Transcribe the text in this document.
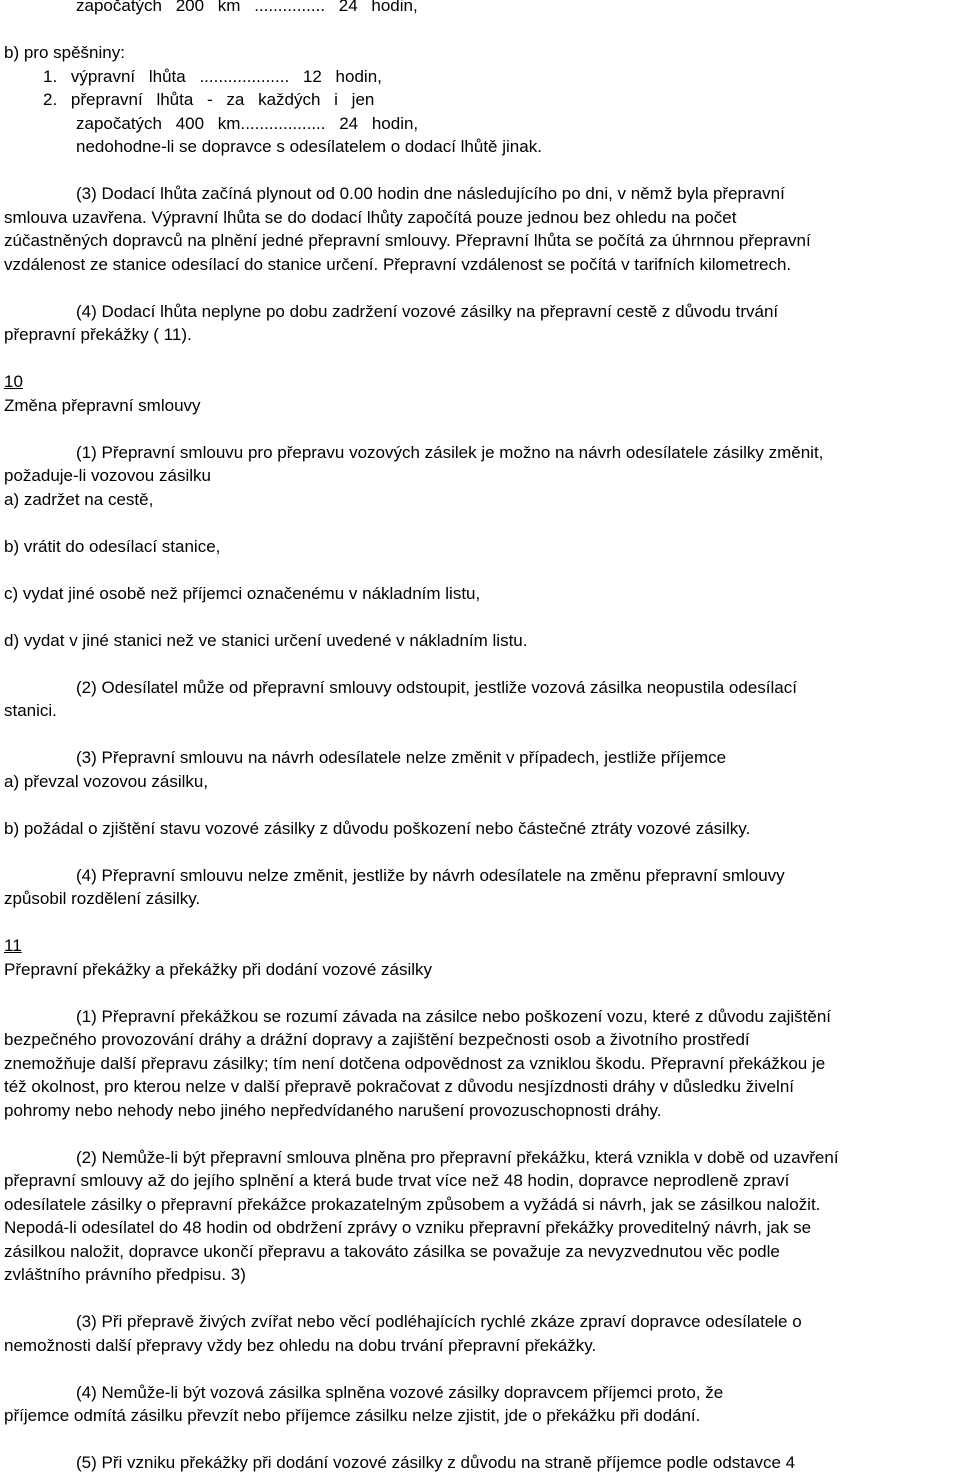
započatých 200 km ............... 24 hodin,
b) pro spěšniny:
1. výpravní lhůta ................... 12 hodin,
2. přepravní lhůta - za každých i jen
započatých 400 km.................. 24 hodin,
nedohodne-li se dopravce s odesílatelem o dodací lhůtě jinak.
(3) Dodací lhůta začíná plynout od 0.00 hodin dne následujícího po dni, v němž byla přepravní
smlouva uzavřena. Výpravní lhůta se do dodací lhůty započítá pouze jednou bez ohledu na počet
zúčastněných dopravců na plnění jedné přepravní smlouvy. Přepravní lhůta se počítá za úhrnnou přepravní
vzdálenost ze stanice odesílací do stanice určení. Přepravní vzdálenost se počítá v tarifních kilometrech.
(4) Dodací lhůta neplyne po dobu zadržení vozové zásilky na přepravní cestě z důvodu trvání
přepravní překážky ( 11).
10
Změna přepravní smlouvy
(1) Přepravní smlouvu pro přepravu vozových zásilek je možno na návrh odesílatele zásilky změnit,
požaduje-li vozovou zásilku
a) zadržet na cestě,
b) vrátit do odesílací stanice,
c) vydat jiné osobě než příjemci označenému v nákladním listu,
d) vydat v jiné stanici než ve stanici určení uvedené v nákladním listu.
(2) Odesílatel může od přepravní smlouvy odstoupit, jestliže vozová zásilka neopustila odesílací
stanici.
(3) Přepravní smlouvu na návrh odesílatele nelze změnit v případech, jestliže příjemce
a) převzal vozovou zásilku,
b) požádal o zjištění stavu vozové zásilky z důvodu poškození nebo částečné ztráty vozové zásilky.
(4) Přepravní smlouvu nelze změnit, jestliže by návrh odesílatele na změnu přepravní smlouvy
způsobil rozdělení zásilky.
11
Přepravní překážky a překážky při dodání vozové zásilky
(1) Přepravní překážkou se rozumí závada na zásilce nebo poškození vozu, které z důvodu zajištění
bezpečného provozování dráhy a drážní dopravy a zajištění bezpečnosti osob a životního prostředí
znemožňuje další přepravu zásilky; tím není dotčena odpovědnost za vzniklou škodu. Přepravní překážkou je
též okolnost, pro kterou nelze v další přepravě pokračovat z důvodu nesjízdnosti dráhy v důsledku živelní
pohromy nebo nehody nebo jiného nepředvídaného narušení provozuschopnosti dráhy.
(2) Nemůže-li být přepravní smlouva plněna pro přepravní překážku, která vznikla v době od uzavření
přepravní smlouvy až do jejího splnění a která bude trvat více než 48 hodin, dopravce neprodleně zpraví
odesílatele zásilky o přepravní překážce prokazatelným způsobem a vyžádá si návrh, jak se zásilkou naložit.
Nepodá-li odesílatel do 48 hodin od obdržení zprávy o vzniku přepravní překážky proveditelný návrh, jak se
zásilkou naložit, dopravce ukončí přepravu a takováto zásilka se považuje za nevyzvednutou věc podle
zvláštního právního předpisu. 3)
(3) Při přepravě živých zvířat nebo věcí podléhajících rychlé zkáze zpraví dopravce odesílatele o
nemožnosti další přepravy vždy bez ohledu na dobu trvání přepravní překážky.
(4) Nemůže-li být vozová zásilka splněna vozové zásilky dopravcem příjemci proto, že
příjemce odmítá zásilku převzít nebo příjemce zásilku nelze zjistit, jde o překážku při dodání.
(5) Při vzniku překážky při dodání vozové zásilky z důvodu na straně příjemce podle odstavce 4
